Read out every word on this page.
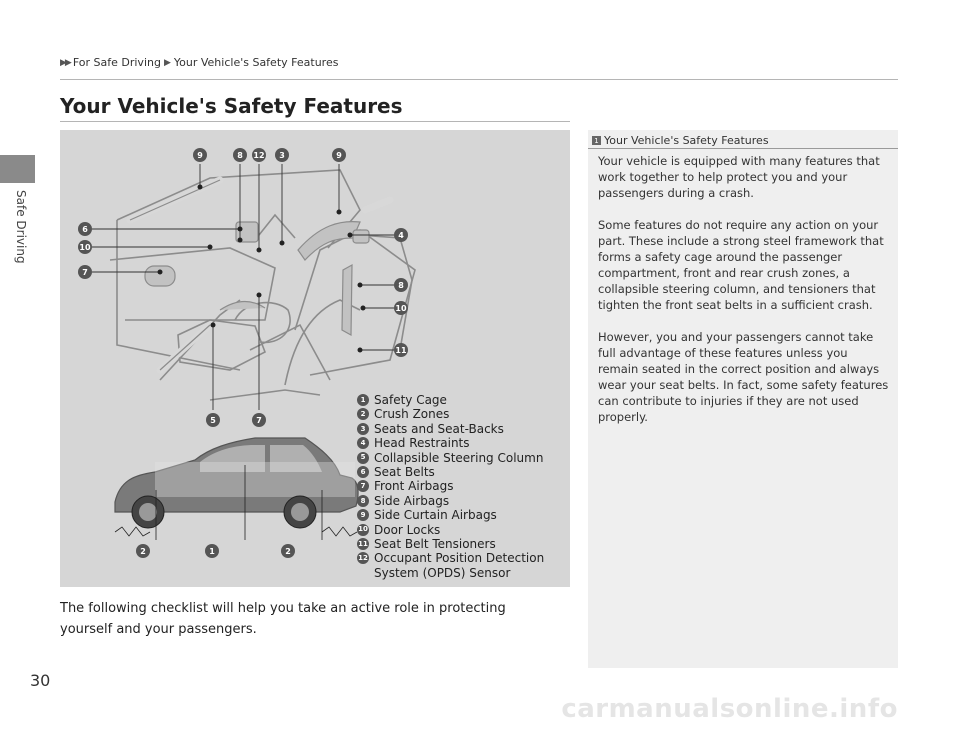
Safe Driving
▶▶ For Safe Driving ▶ Your Vehicle's Safety Features
Your Vehicle's Safety Features
9	8 12 3	9
6
10
7
4
8
10
11
5	7
2	1	2
1 Safety Cage
2 Crush Zones
3 Seats and Seat-Backs
4 Head Restraints
5 Collapsible Steering Column
6 Seat Belts
7 Front Airbags
8 Side Airbags
9 Side Curtain Airbags
10 Door Locks
11 Seat Belt Tensioners
12 Occupant Position Detection System (OPDS) Sensor

The following checklist will help you take an active role in protecting yourself and your passengers.

1 Your Vehicle's Safety Features

Your vehicle is equipped with many features that work together to help protect you and your passengers during a crash.

Some features do not require any action on your part. These include a strong steel framework that forms a safety cage around the passenger compartment, front and rear crush zones, a collapsible steering column, and tensioners that tighten the front seat belts in a sufficient crash.

However, you and your passengers cannot take full advantage of these features unless you remain seated in the correct position and always wear your seat belts. In fact, some safety features can contribute to injuries if they are not used properly.

30
carmanualsonline.info
